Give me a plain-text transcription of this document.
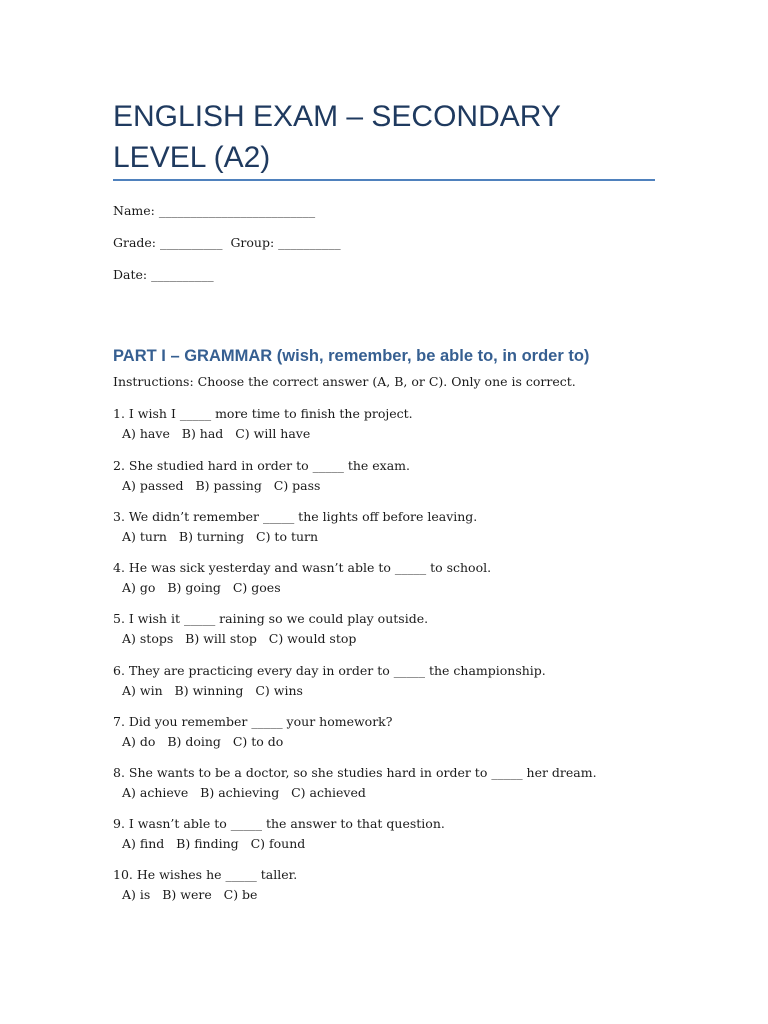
ENGLISH EXAM – SECONDARY LEVEL (A2)
Name: _________________________
Grade: __________  Group: __________
Date: __________
PART I – GRAMMAR (wish, remember, be able to, in order to)
Instructions: Choose the correct answer (A, B, or C). Only one is correct.
1. I wish I _____ more time to finish the project.
A) have   B) had   C) will have
2. She studied hard in order to _____ the exam.
A) passed   B) passing   C) pass
3. We didn’t remember _____ the lights off before leaving.
A) turn   B) turning   C) to turn
4. He was sick yesterday and wasn’t able to _____ to school.
A) go   B) going   C) goes
5. I wish it _____ raining so we could play outside.
A) stops   B) will stop   C) would stop
6. They are practicing every day in order to _____ the championship.
A) win   B) winning   C) wins
7. Did you remember _____ your homework?
A) do   B) doing   C) to do
8. She wants to be a doctor, so she studies hard in order to _____ her dream.
A) achieve   B) achieving   C) achieved
9. I wasn’t able to _____ the answer to that question.
A) find   B) finding   C) found
10. He wishes he _____ taller.
A) is   B) were   C) be
